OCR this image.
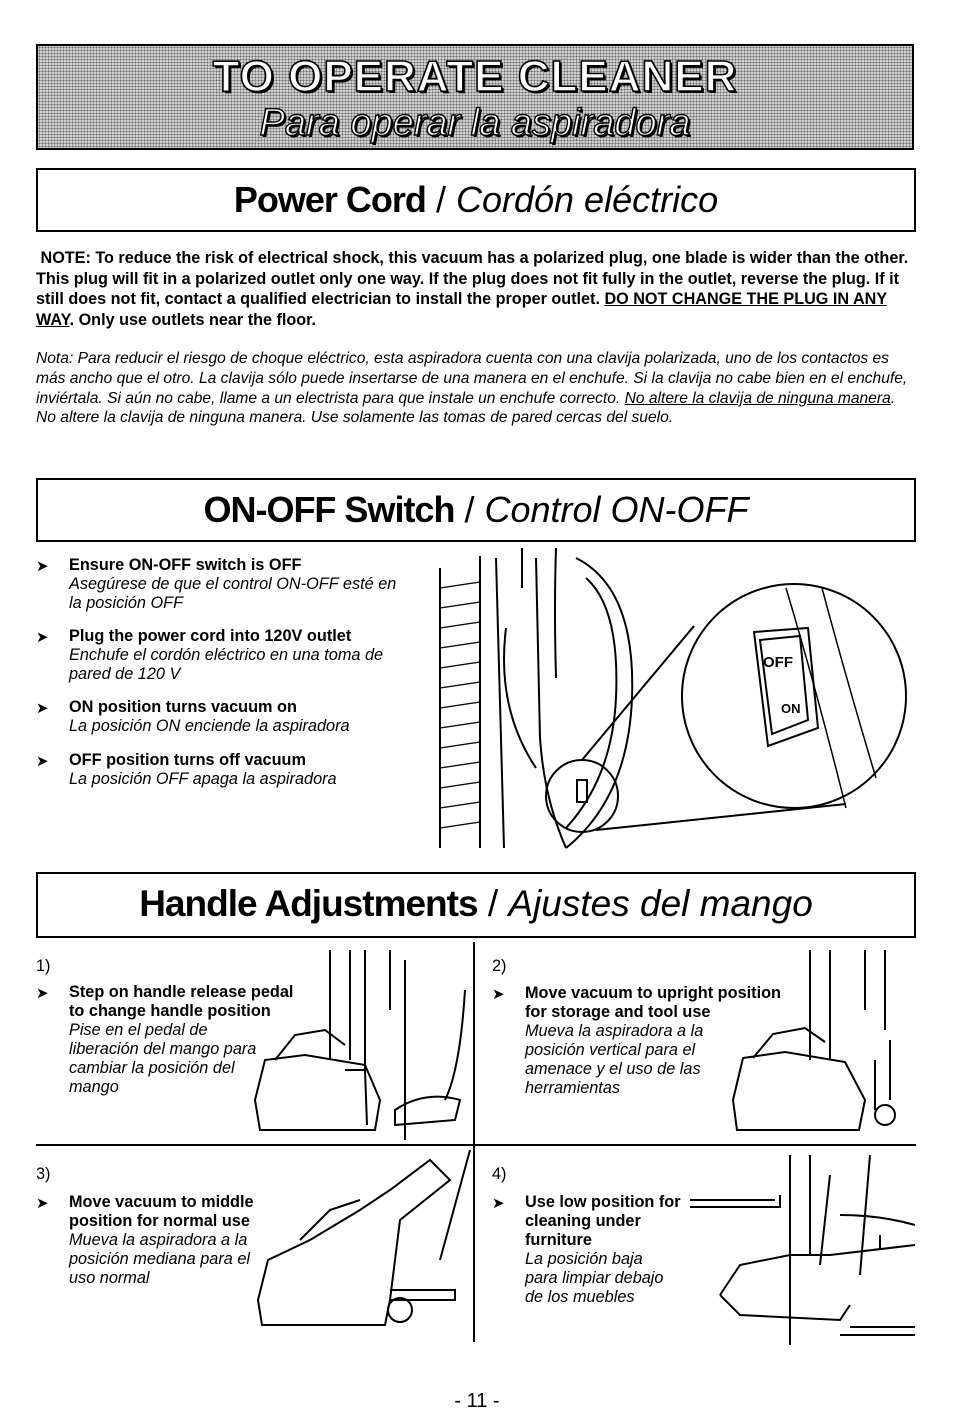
TO OPERATE CLEANER
Para operar la aspiradora
Power Cord / Cordón eléctrico
NOTE: To reduce the risk of electrical shock, this vacuum has a polarized plug, one blade is wider than the other. This plug will fit in a polarized outlet only one way. If the plug does not fit fully in the outlet, reverse the plug. If it still does not fit, contact a qualified electrician to install the proper outlet. DO NOT CHANGE THE PLUG IN ANY WAY. Only use outlets near the floor.
Nota: Para reducir el riesgo de choque eléctrico, esta aspiradora cuenta con una clavija polarizada, uno de los contactos es más ancho que el otro. La clavija sólo puede insertarse de una manera en el enchufe. Si la clavija no cabe bien en el enchufe, inviértala. Si aún no cabe, llame a un electrista para que instale un enchufe correcto. No altere la clavija de ninguna manera. No altere la clavija de ninguna manera. Use solamente las tomas de pared cercas del suelo.
ON-OFF Switch / Control ON-OFF
➤	Ensure ON-OFF switch is OFF
Asegúrese de que el control ON-OFF esté en la posición OFF
➤	Plug the power cord into 120V outlet
Enchufe el cordón eléctrico en una toma de pared de 120 V
➤	ON position turns vacuum on
La posición ON enciende la aspiradora
➤	OFF position turns off vacuum
La posición OFF apaga la aspiradora
OFF
ON
Handle Adjustments / Ajustes del mango
1)
➤	Step on handle release pedal to change handle position
Pise en el pedal de liberación del mango para cambiar la posición del mango
2)
➤	Move vacuum to upright position for storage and tool use
Mueva la aspiradora a la posición vertical para el amenace y el uso de las herramientas
3)
➤	Move vacuum to middle position for normal use
Mueva la aspiradora a la posición mediana para el uso normal
4)
➤	Use low position for cleaning under furniture
La posición baja para limpiar debajo de los muebles
- 11 -
